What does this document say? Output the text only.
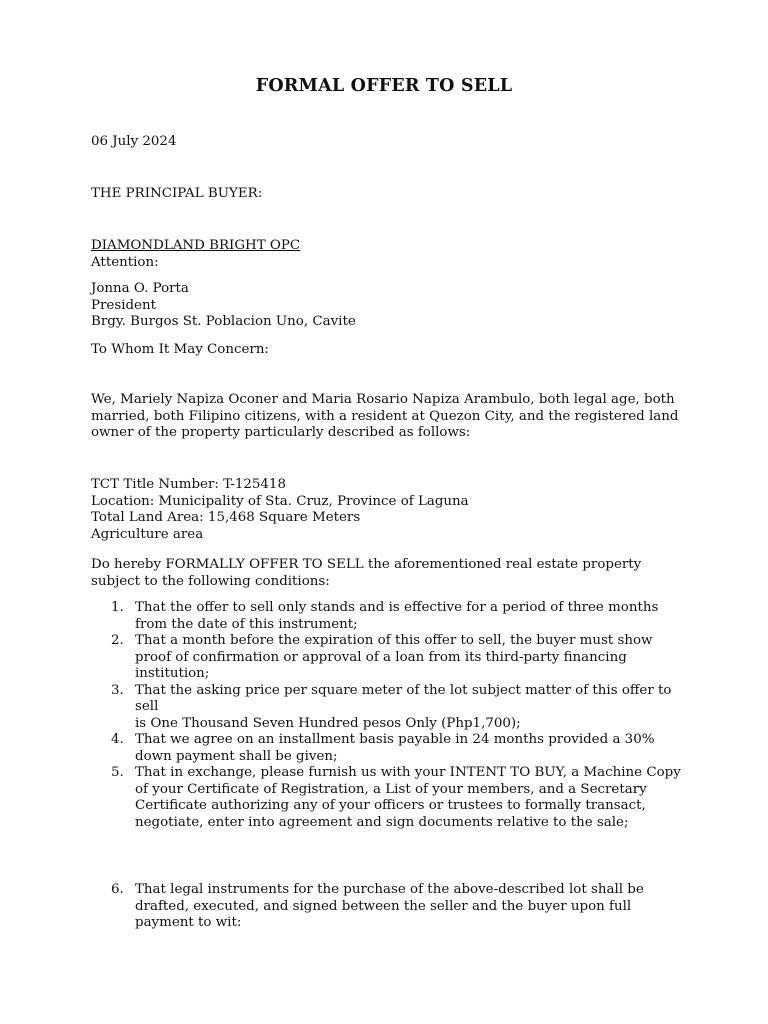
FORMAL OFFER TO SELL
06 July 2024
THE PRINCIPAL BUYER:
DIAMONDLAND BRIGHT OPC
Attention:
Jonna O. Porta
President
Brgy. Burgos St. Poblacion Uno, Cavite
To Whom It May Concern:
We, Mariely Napiza Oconer and Maria Rosario Napiza Arambulo, both legal age, both
married, both Filipino citizens, with a resident at Quezon City, and the registered land
owner of the property particularly described as follows:
TCT Title Number: T-125418
Location: Municipality of Sta. Cruz, Province of Laguna
Total Land Area: 15,468 Square Meters
Agriculture area
Do hereby FORMALLY OFFER TO SELL the aforementioned real estate property
subject to the following conditions:
1. That the offer to sell only stands and is effective for a period of three months
from the date of this instrument;
2. That a month before the expiration of this offer to sell, the buyer must show
proof of confirmation or approval of a loan from its third-party financing
institution;
3. That the asking price per square meter of the lot subject matter of this offer to sell
is One Thousand Seven Hundred pesos Only (Php1,700);
4. That we agree on an installment basis payable in 24 months provided a 30%
down payment shall be given;
5. That in exchange, please furnish us with your INTENT TO BUY, a Machine Copy
of your Certificate of Registration, a List of your members, and a Secretary
Certificate authorizing any of your officers or trustees to formally transact,
negotiate, enter into agreement and sign documents relative to the sale;
6. That legal instruments for the purchase of the above-described lot shall be
drafted, executed, and signed between the seller and the buyer upon full
payment to wit:
